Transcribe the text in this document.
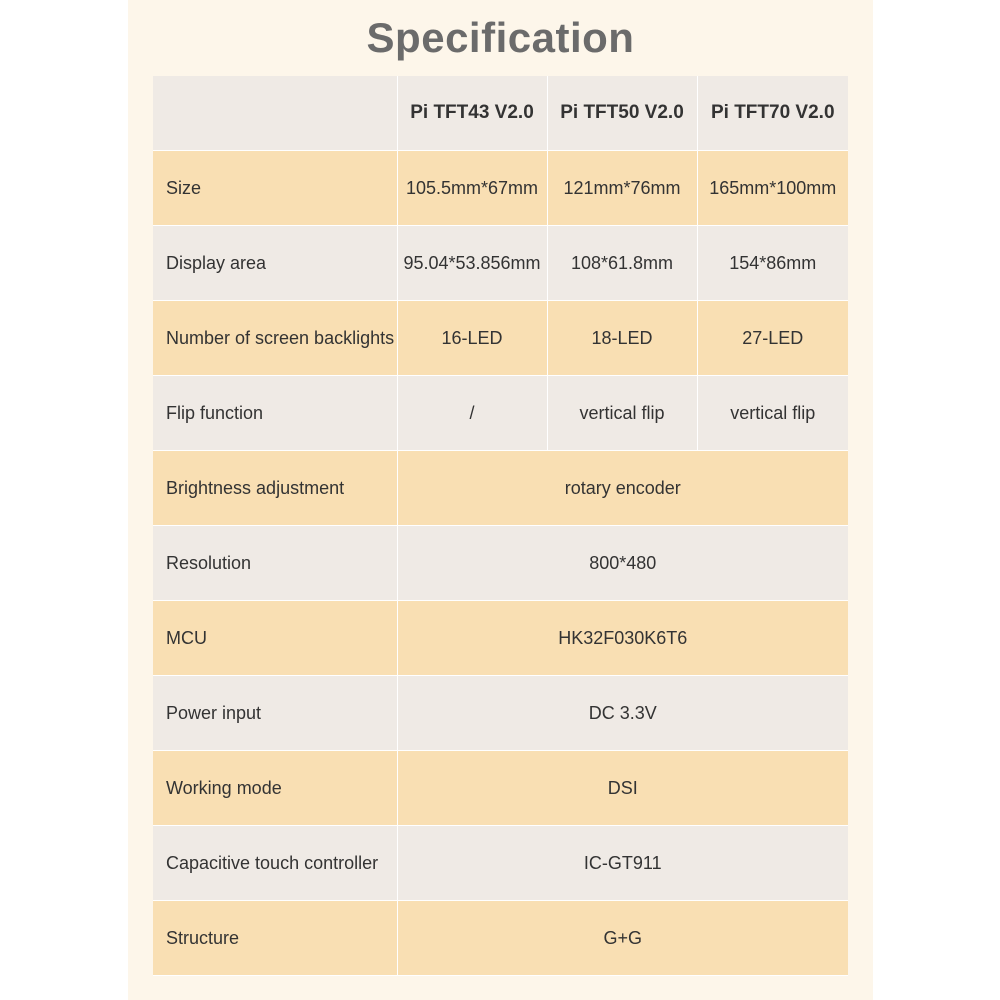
Specification
	Pi TFT43 V2.0	Pi TFT50 V2.0	Pi TFT70 V2.0
Size	105.5mm*67mm	121mm*76mm	165mm*100mm
Display area	95.04*53.856mm	108*61.8mm	154*86mm
Number of screen backlights	16-LED	18-LED	27-LED
Flip function	/	vertical flip	vertical flip
Brightness adjustment	rotary encoder		
Resolution	800*480		
MCU	HK32F030K6T6		
Power input	DC 3.3V		
Working mode	DSI		
Capacitive touch controller	IC-GT911		
Structure	G+G		
